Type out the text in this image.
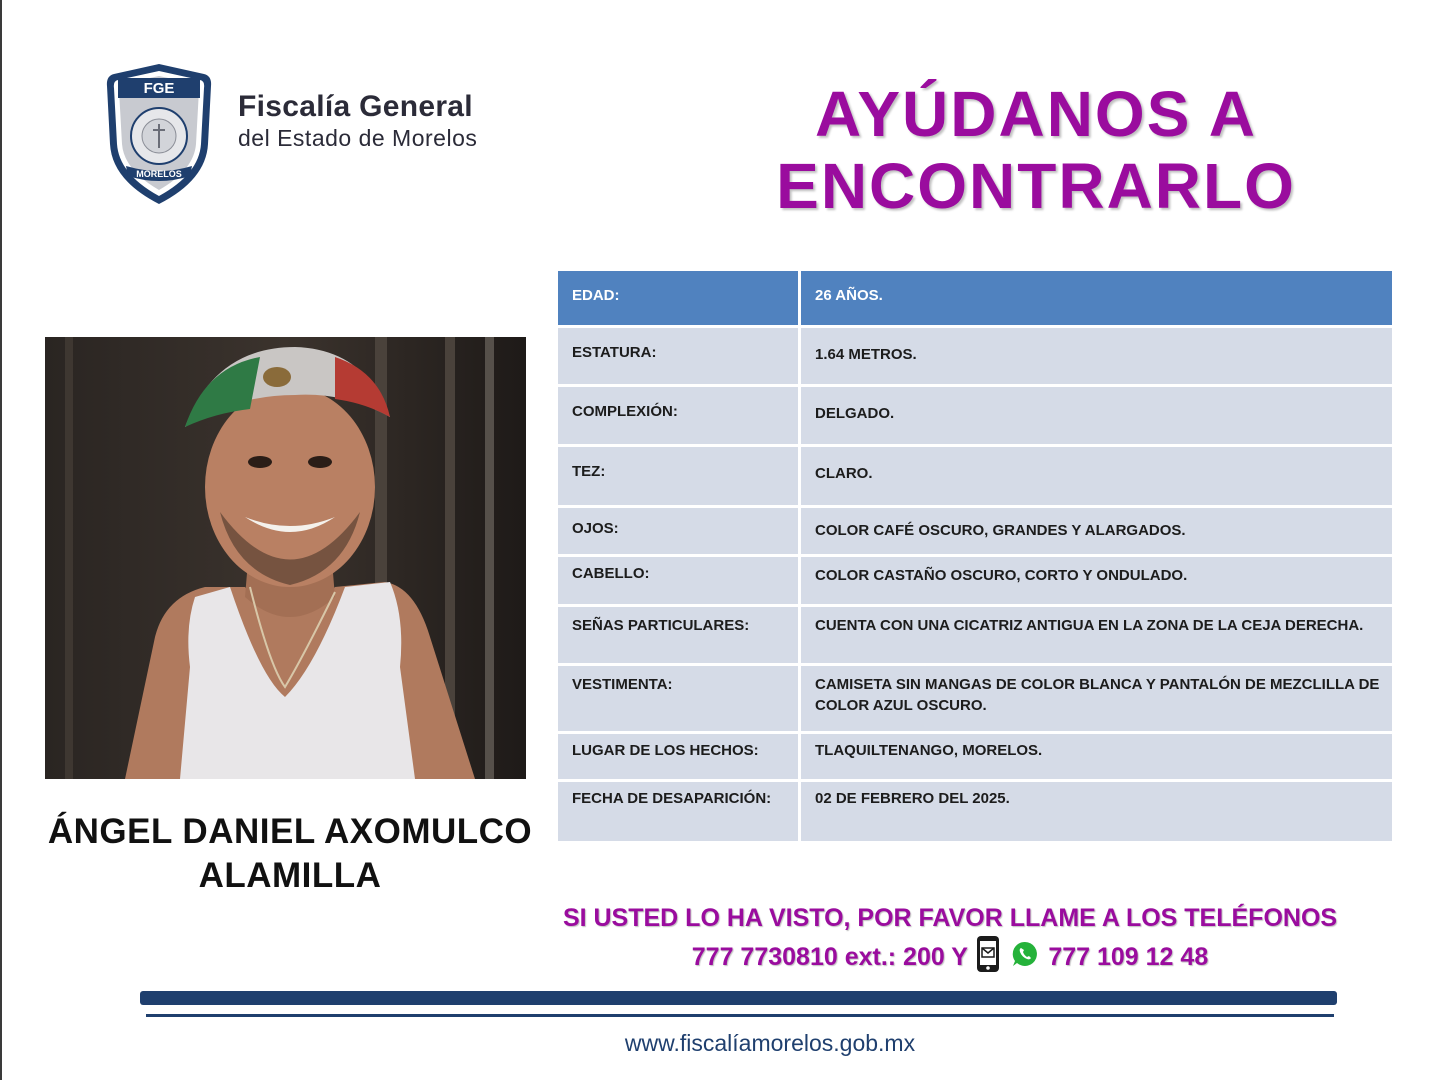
FGE
MORELOS
Fiscalía General
del Estado de Morelos	AYÚDANOS A
ENCONTRARLO
ÁNGEL DANIEL AXOMULCO
ALAMILLA
EDAD:	26 AÑOS.
ESTATURA:	1.64 METROS.
COMPLEXIÓN:	DELGADO.
TEZ:	CLARO.
OJOS:	COLOR CAFÉ OSCURO, GRANDES Y ALARGADOS.
CABELLO:	COLOR CASTAÑO OSCURO, CORTO Y ONDULADO.
SEÑAS PARTICULARES:	CUENTA CON UNA CICATRIZ ANTIGUA EN LA ZONA DE LA CEJA DERECHA.
VESTIMENTA:	CAMISETA SIN MANGAS DE COLOR BLANCA Y PANTALÓN DE MEZCLILLA DE COLOR AZUL OSCURO.
LUGAR DE LOS HECHOS:	TLAQUILTENANGO, MORELOS.
FECHA DE DESAPARICIÓN:	02 DE FEBRERO DEL 2025.
SI USTED LO HA VISTO, POR FAVOR LLAME A LOS TELÉFONOS
777 7730810 ext.: 200 Y	777 109 12 48
www.fiscalíamorelos.gob.mx
